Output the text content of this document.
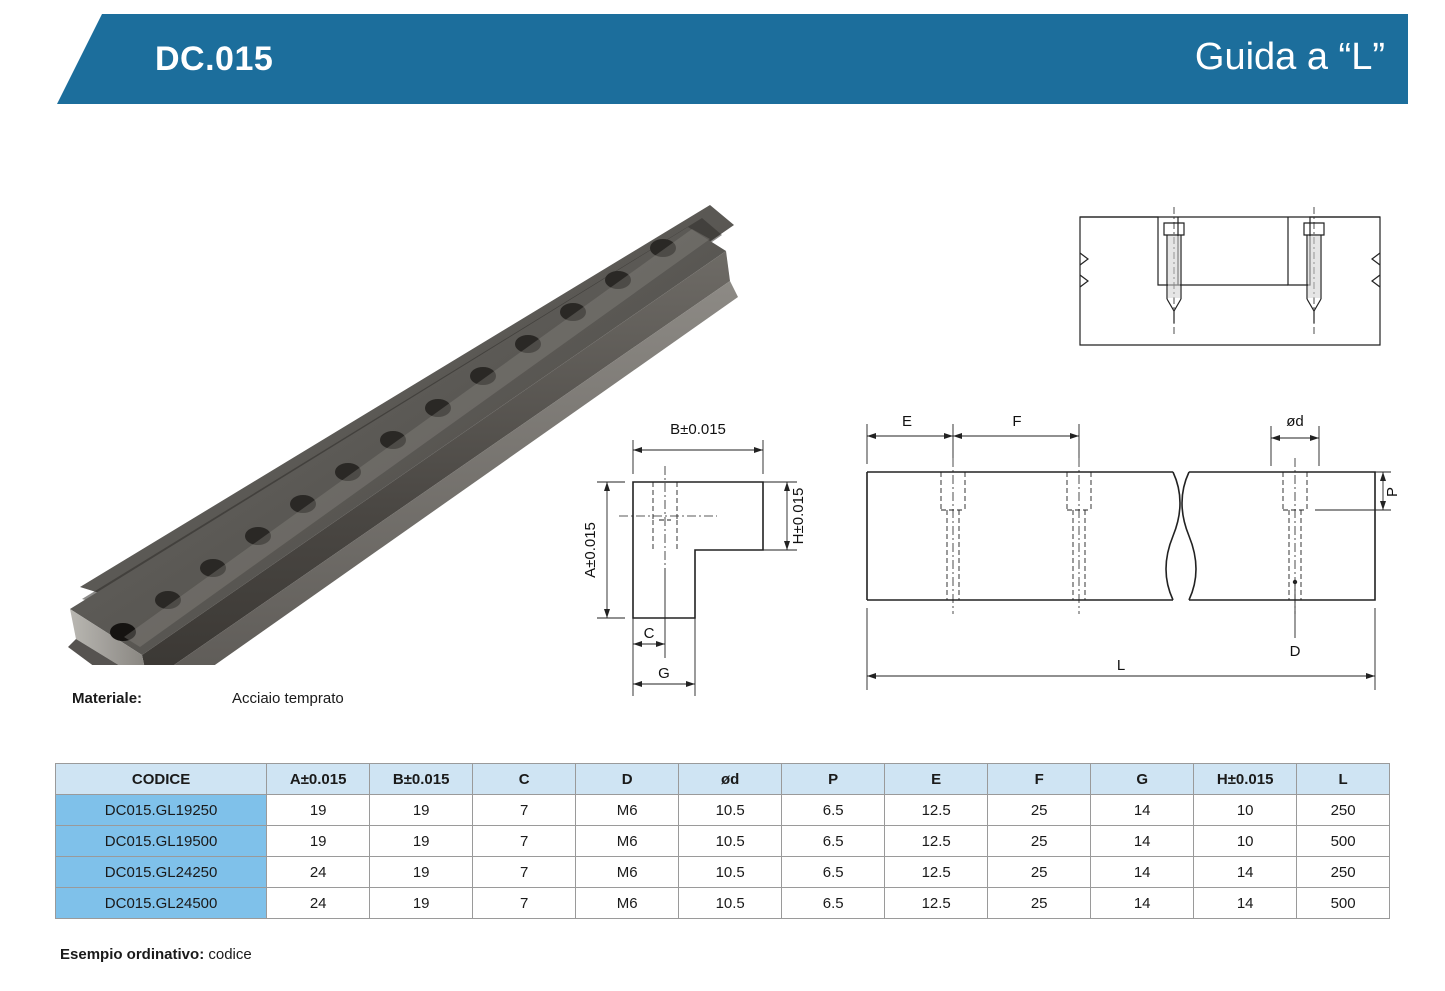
DC.015	Guida a “L”
B±0.015
A±0.015
H±0.015
C
G
E	F	ød
P
D
L
Materiale:	Acciaio temprato
CODICE	A±0.015	B±0.015	C	D	ød	P	E	F	G	H±0.015	L
DC015.GL19250	19	19	7	M6	10.5	6.5	12.5	25	14	10	250
DC015.GL19500	19	19	7	M6	10.5	6.5	12.5	25	14	10	500
DC015.GL24250	24	19	7	M6	10.5	6.5	12.5	25	14	14	250
DC015.GL24500	24	19	7	M6	10.5	6.5	12.5	25	14	14	500
Esempio ordinativo: codice
